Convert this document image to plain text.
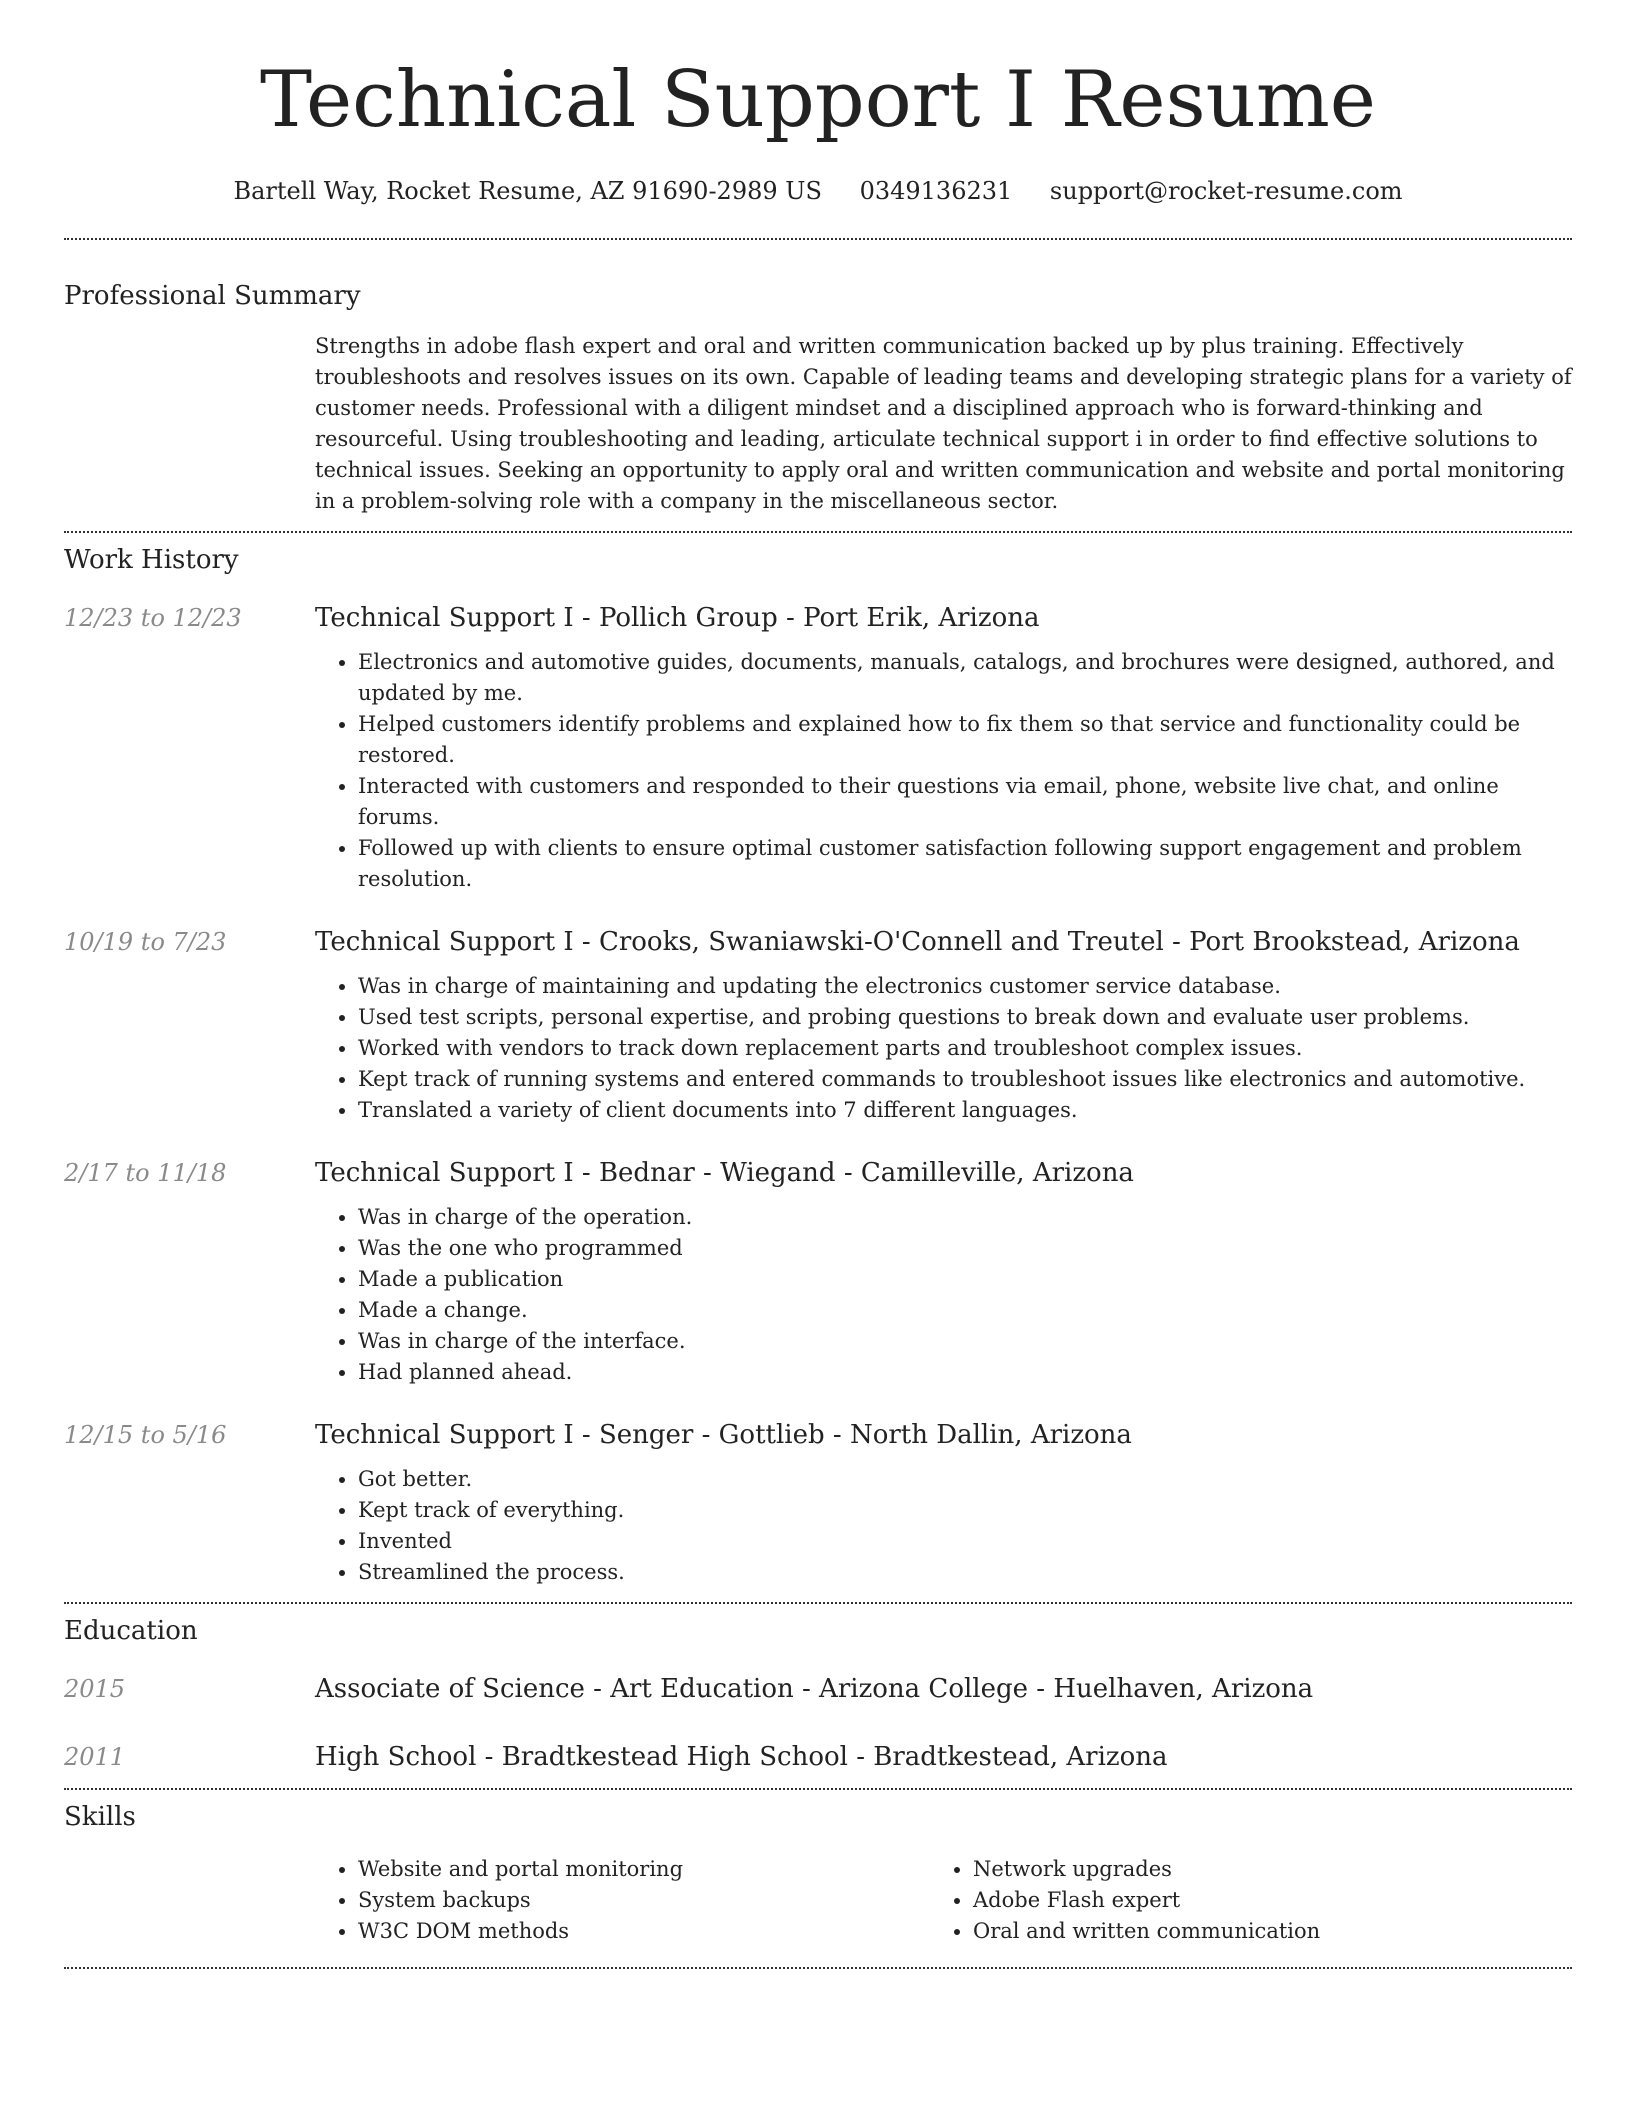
Technical Support I Resume
Bartell Way, Rocket Resume, AZ 91690-2989 US 0349136231 support@rocket-resume.com
Professional Summary

Strengths in adobe flash expert and oral and written communication backed up by plus training. Effectively troubleshoots and resolves issues on its own. Capable of leading teams and developing strategic plans for a variety of customer needs. Professional with a diligent mindset and a disciplined approach who is forward-thinking and resourceful. Using troubleshooting and leading, articulate technical support i in order to find effective solutions to technical issues. Seeking an opportunity to apply oral and written communication and website and portal monitoring in a problem-solving role with a company in the miscellaneous sector.

Work History
12/23 to 12/23	Technical Support I - Pollich Group - Port Erik, Arizona

• Electronics and automotive guides, documents, manuals, catalogs, and brochures were designed, authored, and updated by me.
• Helped customers identify problems and explained how to fix them so that service and functionality could be restored.
• Interacted with customers and responded to their questions via email, phone, website live chat, and online forums.
• Followed up with clients to ensure optimal customer satisfaction following support engagement and problem resolution.
10/19 to 7/23	Technical Support I - Crooks, Swaniawski-O'Connell and Treutel - Port Brookstead, Arizona

• Was in charge of maintaining and updating the electronics customer service database.
• Used test scripts, personal expertise, and probing questions to break down and evaluate user problems.
• Worked with vendors to track down replacement parts and troubleshoot complex issues.
• Kept track of running systems and entered commands to troubleshoot issues like electronics and automotive.
• Translated a variety of client documents into 7 different languages.
2/17 to 11/18	Technical Support I - Bednar - Wiegand - Camilleville, Arizona

• Was in charge of the operation.
• Was the one who programmed
• Made a publication
• Made a change.
• Was in charge of the interface.
• Had planned ahead.
12/15 to 5/16	Technical Support I - Senger - Gottlieb - North Dallin, Arizona

• Got better.
• Kept track of everything.
• Invented
• Streamlined the process.
Education
2015	Associate of Science - Art Education - Arizona College - Huelhaven, Arizona

2011	High School - Bradtkestead High School - Bradtkestead, Arizona

Skills
• Website and portal monitoring
• System backups
• W3C DOM methods
• Network upgrades
• Adobe Flash expert
• Oral and written communication
